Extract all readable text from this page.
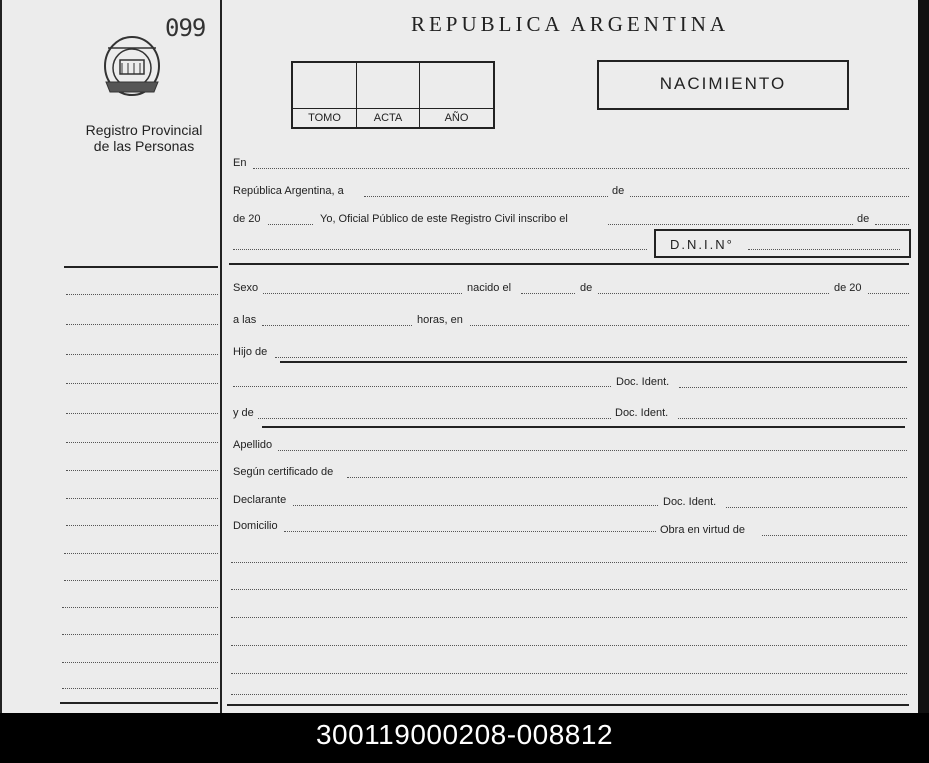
099
Registro Provincial
de las Personas
REPUBLICA ARGENTINA
TOMO	ACTA	AÑO
NACIMIENTO
En
República Argentina, a	de
de 20	Yo, Oficial Público de este Registro Civil inscribo el	de
D.N.I.N°
Sexo	nacido el	de	de 20
a las	horas, en
Hijo de
Doc. Ident.
y de	Doc. Ident.
Apellido
Según certificado de
Declarante	Doc. Ident.
Domicilio	Obra en virtud de
300119000208-008812
